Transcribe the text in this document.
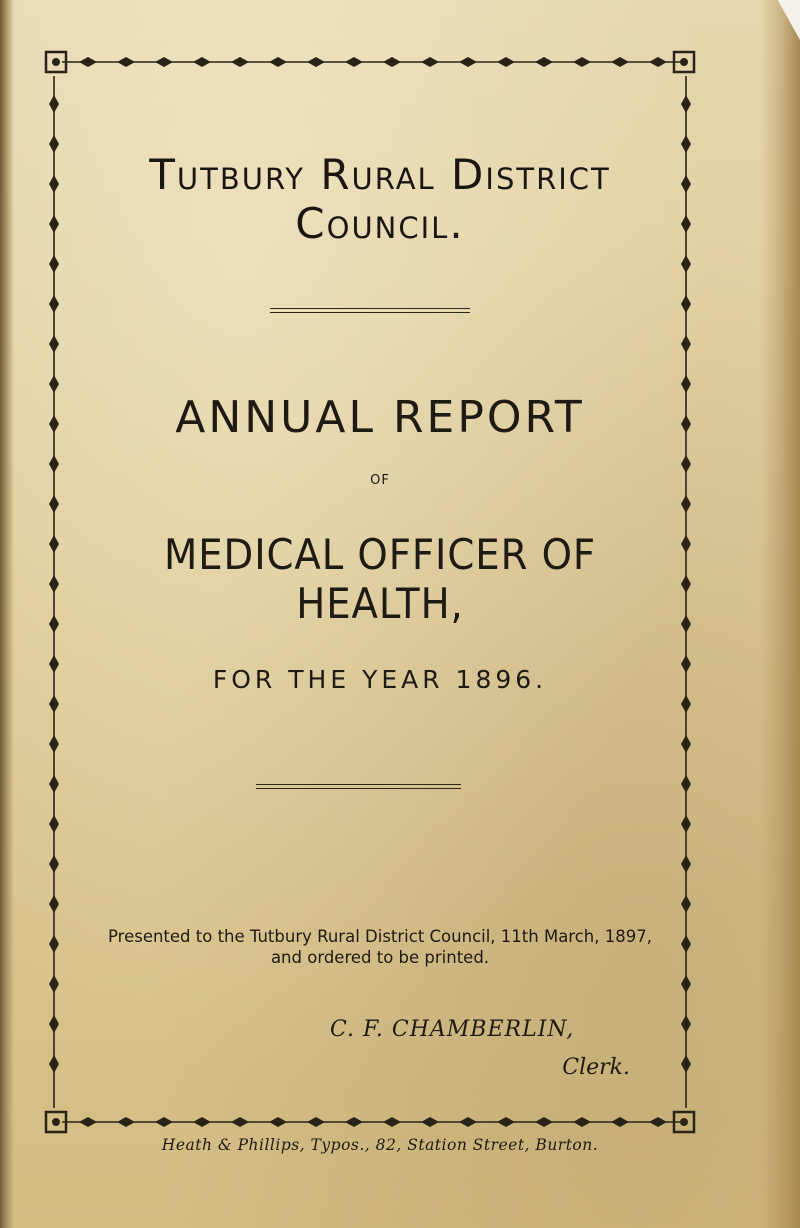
Tutbury Rural District Council.
ANNUAL REPORT
OF
MEDICAL OFFICER OF HEALTH,
FOR THE YEAR 1896.
Presented to the Tutbury Rural District Council, 11th March, 1897,
and ordered to be printed.
C. F. CHAMBERLIN,
Clerk.
Heath & Phillips, Typos., 82, Station Street, Burton.
